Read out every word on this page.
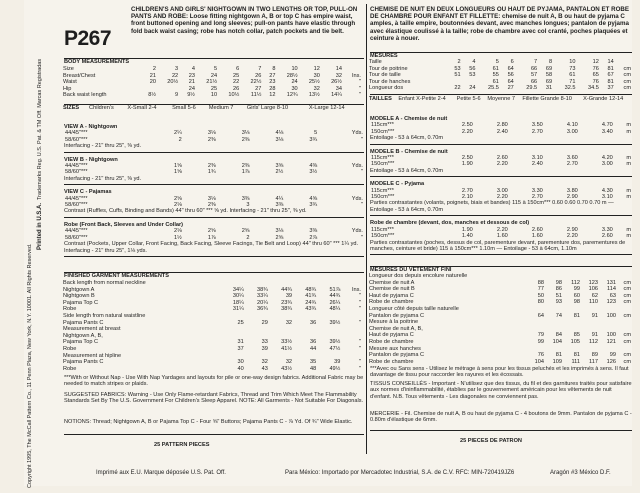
Copyright 1995, The McCall Pattern Co., 11 Penn Plaza, New York, N.Y. 10001. All Rights Reserved.
Printed in U.S.A.
Trademarks Reg. U.S. Pat. & TM Off. Marcas Registradas
P267
CHILDREN'S AND GIRLS' NIGHTGOWN IN TWO LENGTHS OR TOP, PULL-ON PANTS AND ROBE: Loose fitting nightgown A, B or top C has empire waist, front buttoned opening and long sleeves; pull-on pants have elastic through fold back waist casing; robe has notch collar, patch pockets and tie belt.
BODY MEASUREMENTS
Size	2	3	4	5	6	7	8	10	12	14	
Breast/Chest	21	22	23	24	25	26	27	28½	30	32	Ins.
Waist	20	20½	21	21½	22	22½	23	24	25½	26½	"
Hip			24	25	26	27	28	30	32	34	"
Back waist length	8½	9	9½	10	10½	11½	12	12¾	13½	14¼	"
SIZES	Children's	X-Small 2-4	Small 5-6	Medium 7	Girls' Large 8-10	X-Large 12-14
VIEW A - Nightgown
44/45"***	2¼	3⅛	3⅛	4⅛	5	Yds.
58/60"***	2	2⅜	2⅜	3⅛	3¾	"
Interfacing - 21" thru 25", ⅜ yd.
VIEW B - Nightgown
44/45"***	1⅝	2⅜	2⅜	3⅝	4⅜	Yds.
58/60"***	1⅝	1¾	1⅞	2½	3½	"
Interfacing - 21" thru 25", ⅜ yd.
VIEW C - Pajamas
44/45"***	2⅝	3⅛	3⅜	4¼	4⅝	Yds.
58/60"***	2⅛	2⅜	3	3⅜	3¾	"
Contrast (Ruffles, Cuffs, Binding and Bands) 44" thru 60" *** ⅝ yd. Interfacing - 21" thru 25", ⅜ yd.
Robe (Front Back, Sleeves and Under Collar)
44/45"***	2⅛	2⅝	2⅝	3⅛	3⅜	Yds.
58/60"***	1½	1⅞	2	2⅝	2⅞	"
Contrast (Pockets, Upper Collar, Front Facing, Back Facing, Sleeve Facings, Tie Belt and Loop) 44" thru 60" *** 1¼ yd. Interfacing - 21" thru 25", 1⅛ yds.
FINISHED GARMENT MEASUREMENTS
Back length from normal neckline						
Nightgown A	34¼	38¾	44¾	48¾	51⅞	Ins.
Nightgown B	30¼	33¼	39	41¾	44¾	"
Pajama Top C	18¼	20¼	23¾	24¾	26¼	"
Robe	31¼	36¾	38¾	43¾	48¼	"
Side length from natural waistline						
Pajama Pants C	25	29	32	36	39½	"
Measurement at breast						
Nightgown A, B,						
Pajama Top C	31	33	33½	36	39½	"
Robe	37	39	41½	44	47½	"
Measurement at hipline						
Pajama Pants C	30	32	32	35	39	"
Robe	40	43	43½	48	49½	"
***With or Without Nap - Use With Nap Yardages and layouts for pile or one-way design fabrics. Additional Fabric may be needed to match stripes or plaids.
SUGGESTED FABRICS: Warning - Use Only Flame-retardant Fabrics, Thread and Trim Which Meet The Flammability Standards Set By The U.S. Government For Children's Sleep Apparel. NOTE: All Garments - Not Suitable For Diagonals.
NOTIONS: Thread; Nightgown A, B or Pajama Top C - Four ⅝" Buttons; Pajama Pants C - ⅞ Yd. Of ¾" Wide Elastic.
25 PATTERN PIECES
CHEMISE DE NUIT EN DEUX LONGUEURS OU HAUT DE PYJAMA, PANTALON ET ROBE DE CHAMBRE POUR ENFANT ET FILLETTE: chemise de nuit A, B ou haut de pyjama C amples, à taille empire, boutonnées devant, avec manches longues; pantalon de pyjama avec élastique coulissé à la taille; robe de chambre avec col cranté, poches plaquées et ceinture à nouer.
MESURES
Taille	2	4	5	6	7	8	10	12	14	
Tour de poitrine	53	56	61	64	66	69	73	76	81	cm
Tour de taille	51	53	55	56	57	58	61	65	67	cm
Tour de hanches			61	64	66	69	71	76	81	cm
Longueur dos	22	24	25.5	27	29.5	31	32.5	34.5	37	cm
TAILLES	Enfant X-Petite 2-4	Petite 5-6	Moyenne 7	Fillette Grande 8-10	X-Grande 12-14
MODELE A - Chemise de nuit
115cm***	2.50	2.80	3.50	4.10	4.70	m
150cm***	2.20	2.40	2.70	3.00	3.40	m
Entoilage - 53 à 64cm, 0.70m
MODELE B - Chemise de nuit
115cm***	2.50	2.60	3.10	3.60	4.20	m
150cm***	1.90	2.20	2.40	2.70	3.00	m
Entoilage - 53 à 64cm, 0.70m
MODELE C - Pyjama
115cm***	2.70	3.00	3.30	3.80	4.30	m
150cm***	2.10	2.20	2.70	2.90	3.10	m
Parties contrastantes (volants, poignets, biais et bandes) 115 à 150cm*** 0.60 0.60 0.70 0.70 m — Entoilage - 53 à 64cm, 0.70m
Robe de chambre (devant, dos, manches et dessous de col)
115cm***	1.90	2.20	2.60	2.90	3.30	m
150cm***	1.40	1.60	1.60	2.20	2.60	m
Parties contrastantes (poches, dessus de col, parementure devant, parementure dos, parementures de manches, ceinture et bride) 115 à 150cm*** 1.10m — Entoilage - 53 à 64cm, 1.10m
MESURES DU VETEMENT FINI
Longueur dos depuis encolure naturelle						
Chemise de nuit A	88	98	112	123	131	cm
Chemise de nuit B	77	86	99	106	114	cm
Haut de pyjama C	50	51	60	62	63	cm
Robe de chambre	80	93	98	110	123	cm
Longueur côté depuis taille naturelle						
Pantalon de pyjama C	64	74	81	91	100	cm
Mesure à la poitrine						
Chemise de nuit A, B,						
Haut de pyjama C	79	84	85	91	100	cm
Robe de chambre	99	104	105	112	121	cm
Mesure aux hanches						
Pantalon de pyjama C	76	81	81	89	99	cm
Robe de chambre	104	109	111	117	126	cm
***Avec ou Sans sens - Utilisez le métrage à sens pour les tissus peluchés et les imprimés à sens. Il faut davantage de tissu pour raccorder les rayures et les écossais.
TISSUS CONSEILLÉS - Important - N'utilisez que des tissus, du fil et des garnitures traités pour satisfaire aux normes d'ininflammabilité, établies par le gouvernement américain pour les vêtements de nuit d'enfant. N.B. Tous vêtements - Les diagonales ne conviennent pas.
MERCERIE - Fil. Chemise de nuit A, B ou haut de pyjama C - 4 boutons de 9mm. Pantalon de pyjama C - 0.80m d'élastique de 6mm.
25 PIECES DE PATRON
Imprimé aux E.U. Marque déposée U.S. Pat. Off.	Para México: Importado por Mercadotec Industrial, S.A. de C.V. RFC: MIN-720419JZ6	Aragón #3 México D.F.
